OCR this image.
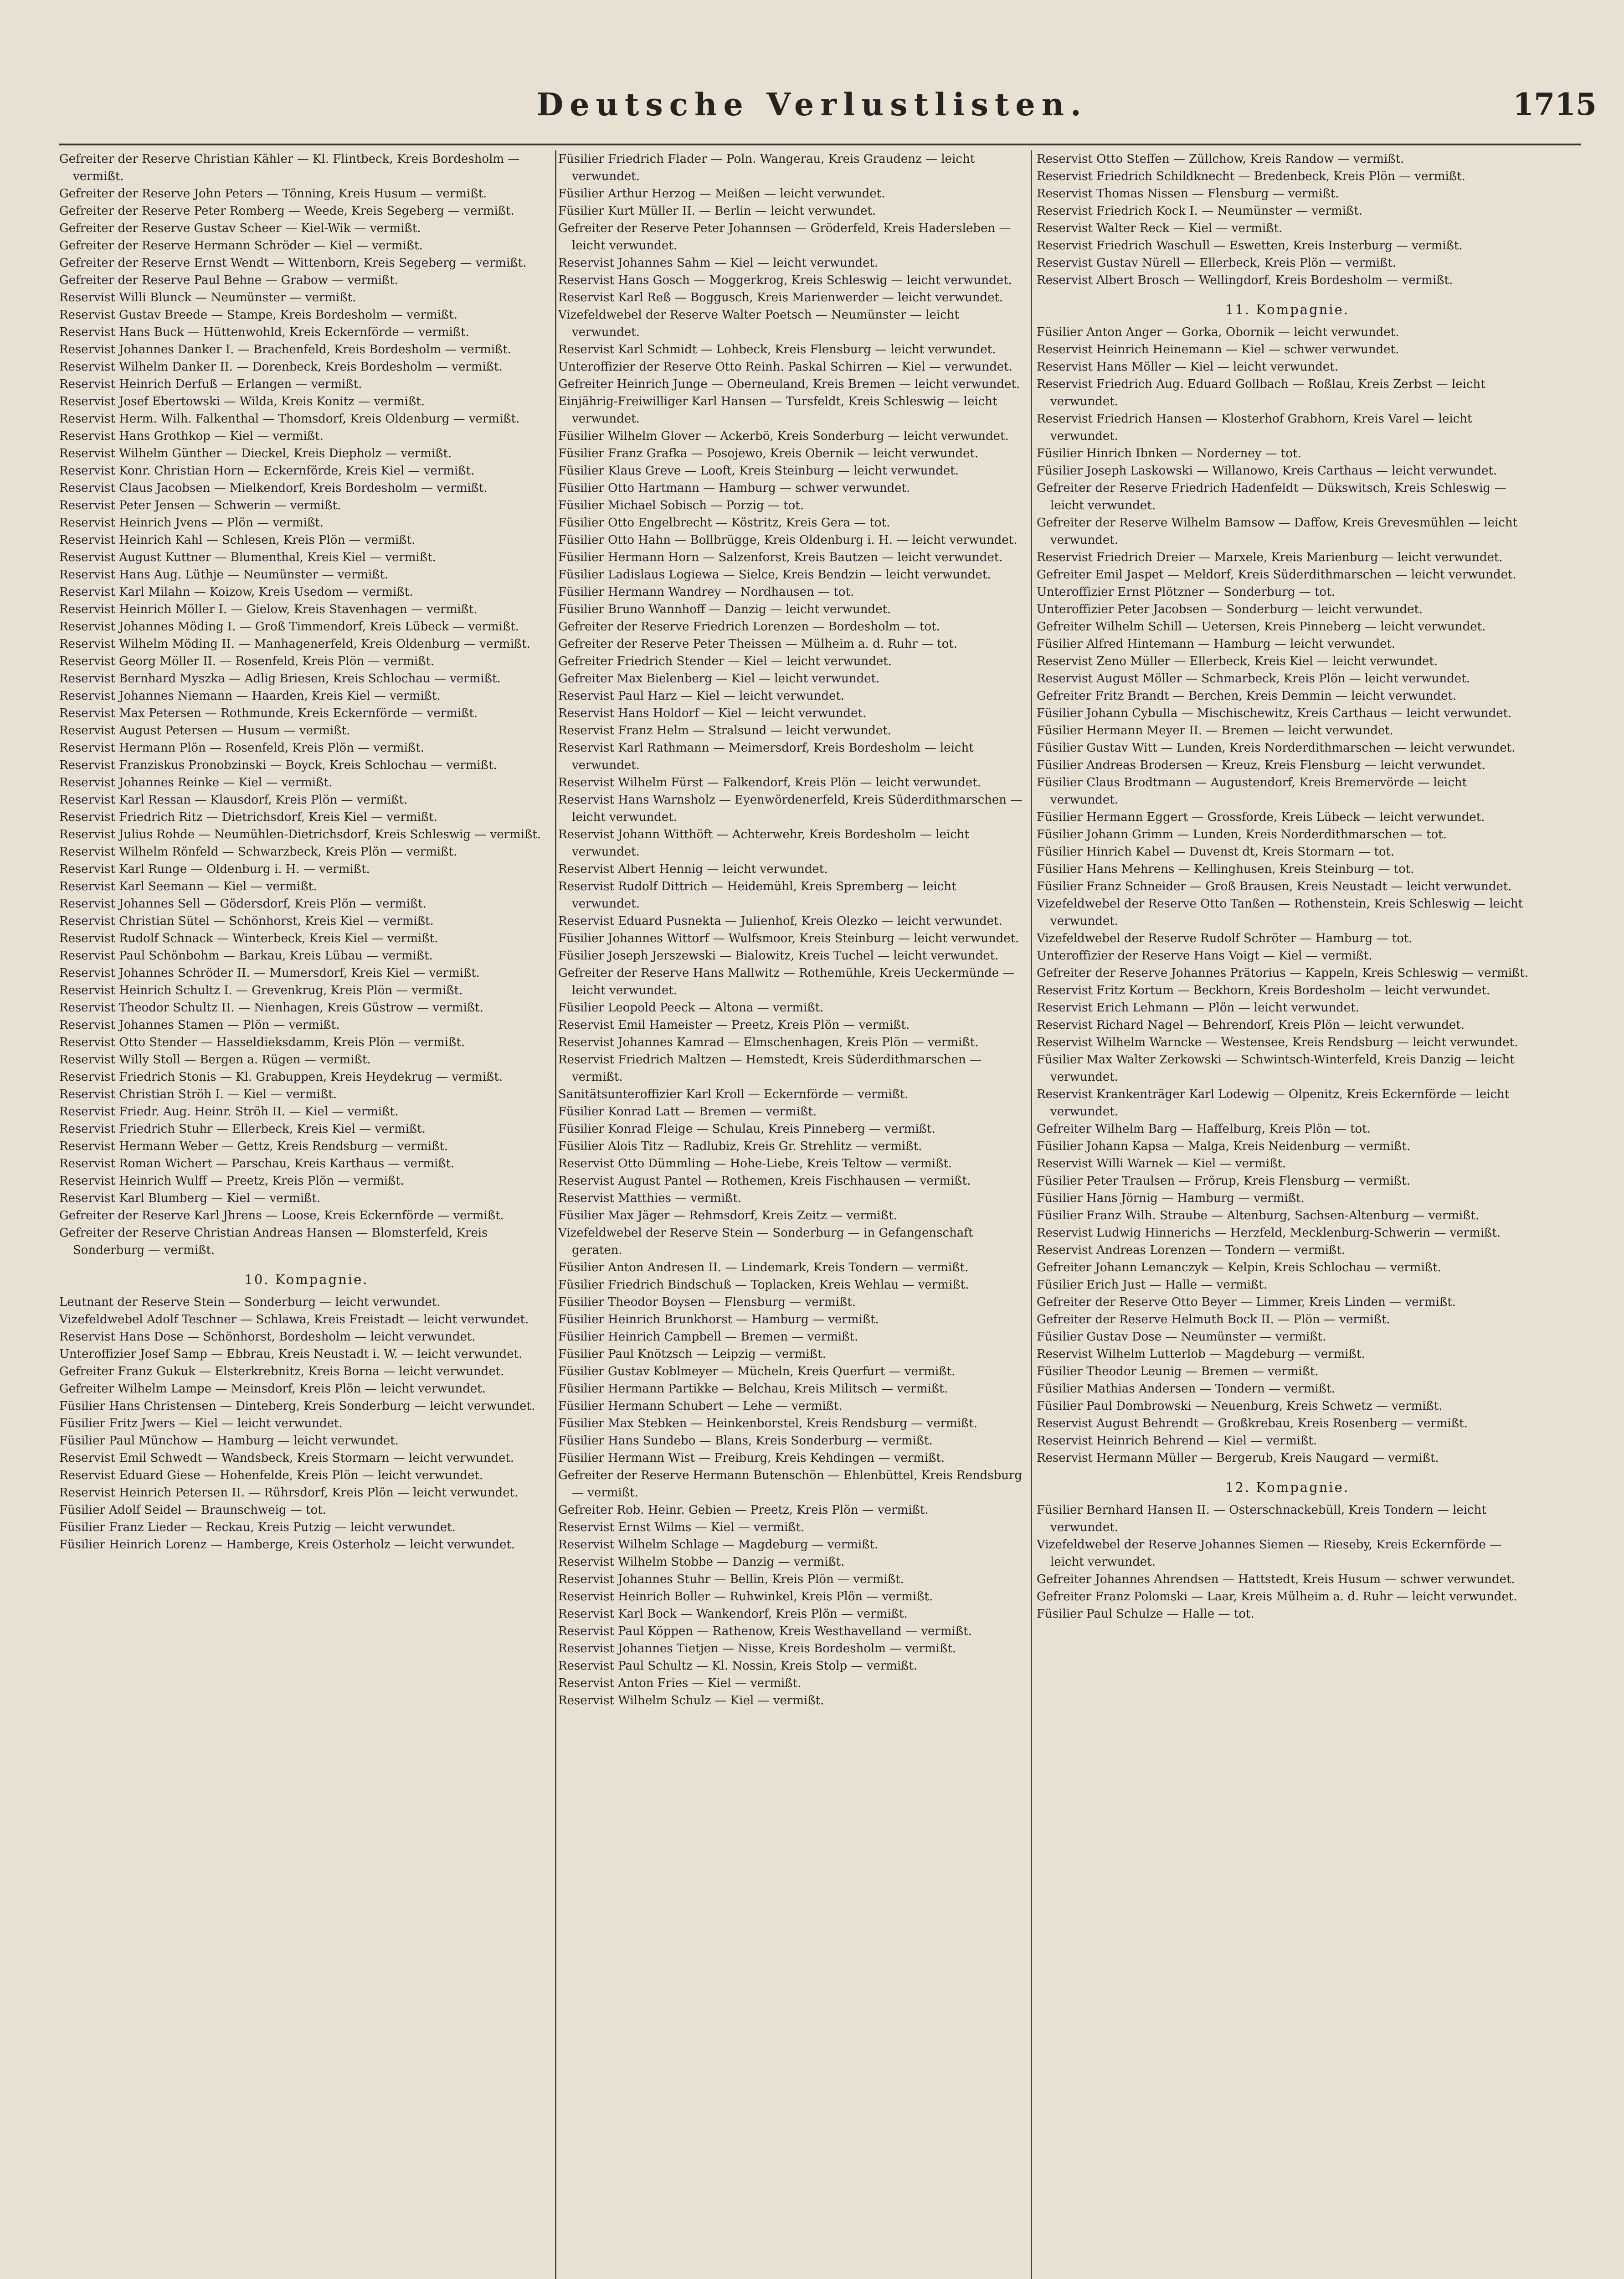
Deutsche Verlustlisten.	1715

Gefreiter der Reserve Christian Kähler — Kl. Flintbeck, Kreis Bordesholm — vermißt.

Gefreiter der Reserve John Peters — Tönning, Kreis Husum — vermißt.

Gefreiter der Reserve Peter Romberg — Weede, Kreis Segeberg — vermißt.

Gefreiter der Reserve Gustav Scheer — Kiel-Wik — vermißt.

Gefreiter der Reserve Hermann Schröder — Kiel — vermißt.

Gefreiter der Reserve Ernst Wendt — Wittenborn, Kreis Segeberg — vermißt.

Gefreiter der Reserve Paul Behne — Grabow — vermißt.

Reservist Willi Blunck — Neumünster — vermißt.

Reservist Gustav Breede — Stampe, Kreis Bordesholm — vermißt.

Reservist Hans Buck — Hüttenwohld, Kreis Eckernförde — vermißt.

Reservist Johannes Danker I. — Brachenfeld, Kreis Bordesholm — vermißt.

Reservist Wilhelm Danker II. — Dorenbeck, Kreis Bordesholm — vermißt.

Reservist Heinrich Derfuß — Erlangen — vermißt.

Reservist Josef Ebertowski — Wilda, Kreis Konitz — vermißt.

Reservist Herm. Wilh. Falkenthal — Thomsdorf, Kreis Oldenburg — vermißt.

Reservist Hans Grothkop — Kiel — vermißt.

Reservist Wilhelm Günther — Dieckel, Kreis Diepholz — vermißt.

Reservist Konr. Christian Horn — Eckernförde, Kreis Kiel — vermißt.

Reservist Claus Jacobsen — Mielkendorf, Kreis Bordesholm — vermißt.

Reservist Peter Jensen — Schwerin — vermißt.

Reservist Heinrich Jvens — Plön — vermißt.

Reservist Heinrich Kahl — Schlesen, Kreis Plön — vermißt.

Reservist August Kuttner — Blumenthal, Kreis Kiel — vermißt.

Reservist Hans Aug. Lüthje — Neumünster — vermißt.

Reservist Karl Milahn — Koizow, Kreis Usedom — vermißt.

Reservist Heinrich Möller I. — Gielow, Kreis Stavenhagen — vermißt.

Reservist Johannes Möding I. — Groß Timmendorf, Kreis Lübeck — vermißt.

Reservist Wilhelm Möding II. — Manhagenerfeld, Kreis Oldenburg — vermißt.

Reservist Georg Möller II. — Rosenfeld, Kreis Plön — vermißt.

Reservist Bernhard Myszka — Adlig Briesen, Kreis Schlochau — vermißt.

Reservist Johannes Niemann — Haarden, Kreis Kiel — vermißt.

Reservist Max Petersen — Rothmunde, Kreis Eckernförde — vermißt.

Reservist August Petersen — Husum — vermißt.

Reservist Hermann Plön — Rosenfeld, Kreis Plön — vermißt.

Reservist Franziskus Pronobzinski — Boyck, Kreis Schlochau — vermißt.

Reservist Johannes Reinke — Kiel — vermißt.

Reservist Karl Ressan — Klausdorf, Kreis Plön — vermißt.

Reservist Friedrich Ritz — Dietrichsdorf, Kreis Kiel — vermißt.

Reservist Julius Rohde — Neumühlen-Dietrichsdorf, Kreis Schleswig — vermißt.

Reservist Wilhelm Rönfeld — Schwarzbeck, Kreis Plön — vermißt.

Reservist Karl Runge — Oldenburg i. H. — vermißt.

Reservist Karl Seemann — Kiel — vermißt.

Reservist Johannes Sell — Gödersdorf, Kreis Plön — vermißt.

Reservist Christian Sütel — Schönhorst, Kreis Kiel — vermißt.

Reservist Rudolf Schnack — Winterbeck, Kreis Kiel — vermißt.

Reservist Paul Schönbohm — Barkau, Kreis Lübau — vermißt.

Reservist Johannes Schröder II. — Mumersdorf, Kreis Kiel — vermißt.

Reservist Heinrich Schultz I. — Grevenkrug, Kreis Plön — vermißt.

Reservist Theodor Schultz II. — Nienhagen, Kreis Güstrow — vermißt.

Reservist Johannes Stamen — Plön — vermißt.

Reservist Otto Stender — Hasseldieksdamm, Kreis Plön — vermißt.

Reservist Willy Stoll — Bergen a. Rügen — vermißt.

Reservist Friedrich Stonis — Kl. Grabuppen, Kreis Heydekrug — vermißt.

Reservist Christian Ströh I. — Kiel — vermißt.

Reservist Friedr. Aug. Heinr. Ströh II. — Kiel — vermißt.

Reservist Friedrich Stuhr — Ellerbeck, Kreis Kiel — vermißt.

Reservist Hermann Weber — Gettz, Kreis Rendsburg — vermißt.

Reservist Roman Wichert — Parschau, Kreis Karthaus — vermißt.

Reservist Heinrich Wulff — Preetz, Kreis Plön — vermißt.

Reservist Karl Blumberg — Kiel — vermißt.

Gefreiter der Reserve Karl Jhrens — Loose, Kreis Eckernförde — vermißt.

Gefreiter der Reserve Christian Andreas Hansen — Blomsterfeld, Kreis Sonderburg — vermißt.

10. Kompagnie.

Leutnant der Reserve Stein — Sonderburg — leicht verwundet.

Vizefeldwebel Adolf Teschner — Schlawa, Kreis Freistadt — leicht verwundet.

Reservist Hans Dose — Schönhorst, Bordesholm — leicht verwundet.

Unteroffizier Josef Samp — Ebbrau, Kreis Neustadt i. W. — leicht verwundet.

Gefreiter Franz Gukuk — Elsterkrebnitz, Kreis Borna — leicht verwundet.

Gefreiter Wilhelm Lampe — Meinsdorf, Kreis Plön — leicht verwundet.

Füsilier Hans Christensen — Dinteberg, Kreis Sonderburg — leicht verwundet.

Füsilier Fritz Jwers — Kiel — leicht verwundet.

Füsilier Paul Münchow — Hamburg — leicht verwundet.

Reservist Emil Schwedt — Wandsbeck, Kreis Stormarn — leicht verwundet.

Reservist Eduard Giese — Hohenfelde, Kreis Plön — leicht verwundet.

Reservist Heinrich Petersen II. — Rührsdorf, Kreis Plön — leicht verwundet.

Füsilier Adolf Seidel — Braunschweig — tot.

Füsilier Franz Lieder — Reckau, Kreis Putzig — leicht verwundet.

Füsilier Heinrich Lorenz — Hamberge, Kreis Osterholz — leicht verwundet.

Füsilier Friedrich Flader — Poln. Wangerau, Kreis Graudenz — leicht verwundet.

Füsilier Arthur Herzog — Meißen — leicht verwundet.

Füsilier Kurt Müller II. — Berlin — leicht verwundet.

Gefreiter der Reserve Peter Johannsen — Gröderfeld, Kreis Hadersleben — leicht verwundet.

Reservist Johannes Sahm — Kiel — leicht verwundet.

Reservist Hans Gosch — Moggerkrog, Kreis Schleswig — leicht verwundet.

Reservist Karl Reß — Boggusch, Kreis Marienwerder — leicht verwundet.

Vizefeldwebel der Reserve Walter Poetsch — Neumünster — leicht verwundet.

Reservist Karl Schmidt — Lohbeck, Kreis Flensburg — leicht verwundet.

Unteroffizier der Reserve Otto Reinh. Paskal Schirren — Kiel — verwundet.

Gefreiter Heinrich Junge — Oberneuland, Kreis Bremen — leicht verwundet.

Einjährig-Freiwilliger Karl Hansen — Tursfeldt, Kreis Schleswig — leicht verwundet.

Füsilier Wilhelm Glover — Ackerbö, Kreis Sonderburg — leicht verwundet.

Füsilier Franz Grafka — Posojewo, Kreis Obernik — leicht verwundet.

Füsilier Klaus Greve — Looft, Kreis Steinburg — leicht verwundet.

Füsilier Otto Hartmann — Hamburg — schwer verwundet.

Füsilier Michael Sobisch — Porzig — tot.

Füsilier Otto Engelbrecht — Köstritz, Kreis Gera — tot.

Füsilier Otto Hahn — Bollbrügge, Kreis Oldenburg i. H. — leicht verwundet.

Füsilier Hermann Horn — Salzenforst, Kreis Bautzen — leicht verwundet.

Füsilier Ladislaus Logiewa — Sielce, Kreis Bendzin — leicht verwundet.

Füsilier Hermann Wandrey — Nordhausen — tot.

Füsilier Bruno Wannhoff — Danzig — leicht verwundet.

Gefreiter der Reserve Friedrich Lorenzen — Bordesholm — tot.

Gefreiter der Reserve Peter Theissen — Mülheim a. d. Ruhr — tot.

Gefreiter Friedrich Stender — Kiel — leicht verwundet.

Gefreiter Max Bielenberg — Kiel — leicht verwundet.

Reservist Paul Harz — Kiel — leicht verwundet.

Reservist Hans Holdorf — Kiel — leicht verwundet.

Reservist Franz Helm — Stralsund — leicht verwundet.

Reservist Karl Rathmann — Meimersdorf, Kreis Bordesholm — leicht verwundet.

Reservist Wilhelm Fürst — Falkendorf, Kreis Plön — leicht verwundet.

Reservist Hans Warnsholz — Eyenwördenerfeld, Kreis Süderdithmarschen — leicht verwundet.

Reservist Johann Witthöft — Achterwehr, Kreis Bordesholm — leicht verwundet.

Reservist Albert Hennig — leicht verwundet.

Reservist Rudolf Dittrich — Heidemühl, Kreis Spremberg — leicht verwundet.

Reservist Eduard Pusnekta — Julienhof, Kreis Olezko — leicht verwundet.

Füsilier Johannes Wittorf — Wulfsmoor, Kreis Steinburg — leicht verwundet.

Füsilier Joseph Jerszewski — Bialowitz, Kreis Tuchel — leicht verwundet.

Gefreiter der Reserve Hans Mallwitz — Rothemühle, Kreis Ueckermünde — leicht verwundet.

Füsilier Leopold Peeck — Altona — vermißt.

Reservist Emil Hameister — Preetz, Kreis Plön — vermißt.

Reservist Johannes Kamrad — Elmschenhagen, Kreis Plön — vermißt.

Reservist Friedrich Maltzen — Hemstedt, Kreis Süderdithmarschen — vermißt.

Sanitätsunteroffizier Karl Kroll — Eckernförde — vermißt.

Füsilier Konrad Latt — Bremen — vermißt.

Füsilier Konrad Fleige — Schulau, Kreis Pinneberg — vermißt.

Füsilier Alois Titz — Radlubiz, Kreis Gr. Strehlitz — vermißt.

Reservist Otto Dümmling — Hohe-Liebe, Kreis Teltow — vermißt.

Reservist August Pantel — Rothemen, Kreis Fischhausen — vermißt.

Reservist Matthies — vermißt.

Füsilier Max Jäger — Rehmsdorf, Kreis Zeitz — vermißt.

Vizefeldwebel der Reserve Stein — Sonderburg — in Gefangenschaft geraten.

Füsilier Anton Andresen II. — Lindemark, Kreis Tondern — vermißt.

Füsilier Friedrich Bindschuß — Toplacken, Kreis Wehlau — vermißt.

Füsilier Theodor Boysen — Flensburg — vermißt.

Füsilier Heinrich Brunkhorst — Hamburg — vermißt.

Füsilier Heinrich Campbell — Bremen — vermißt.

Füsilier Paul Knötzsch — Leipzig — vermißt.

Füsilier Gustav Koblmeyer — Mücheln, Kreis Querfurt — vermißt.

Füsilier Hermann Partikke — Belchau, Kreis Militsch — vermißt.

Füsilier Hermann Schubert — Lehe — vermißt.

Füsilier Max Stebken — Heinkenborstel, Kreis Rendsburg — vermißt.

Füsilier Hans Sundebo — Blans, Kreis Sonderburg — vermißt.

Füsilier Hermann Wist — Freiburg, Kreis Kehdingen — vermißt.

Gefreiter der Reserve Hermann Butenschön — Ehlenbüttel, Kreis Rendsburg — vermißt.

Gefreiter Rob. Heinr. Gebien — Preetz, Kreis Plön — vermißt.

Reservist Ernst Wilms — Kiel — vermißt.

Reservist Wilhelm Schlage — Magdeburg — vermißt.

Reservist Wilhelm Stobbe — Danzig — vermißt.

Reservist Johannes Stuhr — Bellin, Kreis Plön — vermißt.

Reservist Heinrich Boller — Ruhwinkel, Kreis Plön — vermißt.

Reservist Karl Bock — Wankendorf, Kreis Plön — vermißt.

Reservist Paul Köppen — Rathenow, Kreis Westhavelland — vermißt.

Reservist Johannes Tietjen — Nisse, Kreis Bordesholm — vermißt.

Reservist Paul Schultz — Kl. Nossin, Kreis Stolp — vermißt.

Reservist Anton Fries — Kiel — vermißt.

Reservist Wilhelm Schulz — Kiel — vermißt.

Reservist Otto Steffen — Züllchow, Kreis Randow — vermißt.

Reservist Friedrich Schildknecht — Bredenbeck, Kreis Plön — vermißt.

Reservist Thomas Nissen — Flensburg — vermißt.

Reservist Friedrich Kock I. — Neumünster — vermißt.

Reservist Walter Reck — Kiel — vermißt.

Reservist Friedrich Waschull — Eswetten, Kreis Insterburg — vermißt.

Reservist Gustav Nürell — Ellerbeck, Kreis Plön — vermißt.

Reservist Albert Brosch — Wellingdorf, Kreis Bordesholm — vermißt.

11. Kompagnie.

Füsilier Anton Anger — Gorka, Obornik — leicht verwundet.

Reservist Heinrich Heinemann — Kiel — schwer verwundet.

Reservist Hans Möller — Kiel — leicht verwundet.

Reservist Friedrich Aug. Eduard Gollbach — Roßlau, Kreis Zerbst — leicht verwundet.

Reservist Friedrich Hansen — Klosterhof Grabhorn, Kreis Varel — leicht verwundet.

Füsilier Hinrich Ibnken — Norderney — tot.

Füsilier Joseph Laskowski — Willanowo, Kreis Carthaus — leicht verwundet.

Gefreiter der Reserve Friedrich Hadenfeldt — Dükswitsch, Kreis Schleswig — leicht verwundet.

Gefreiter der Reserve Wilhelm Bamsow — Daffow, Kreis Grevesmühlen — leicht verwundet.

Reservist Friedrich Dreier — Marxele, Kreis Marienburg — leicht verwundet.

Gefreiter Emil Jaspet — Meldorf, Kreis Süderdithmarschen — leicht verwundet.

Unteroffizier Ernst Plötzner — Sonderburg — tot.

Unteroffizier Peter Jacobsen — Sonderburg — leicht verwundet.

Gefreiter Wilhelm Schill — Uetersen, Kreis Pinneberg — leicht verwundet.

Füsilier Alfred Hintemann — Hamburg — leicht verwundet.

Reservist Zeno Müller — Ellerbeck, Kreis Kiel — leicht verwundet.

Reservist August Möller — Schmarbeck, Kreis Plön — leicht verwundet.

Gefreiter Fritz Brandt — Berchen, Kreis Demmin — leicht verwundet.

Füsilier Johann Cybulla — Mischischewitz, Kreis Carthaus — leicht verwundet.

Füsilier Hermann Meyer II. — Bremen — leicht verwundet.

Füsilier Gustav Witt — Lunden, Kreis Norderdithmarschen — leicht verwundet.

Füsilier Andreas Brodersen — Kreuz, Kreis Flensburg — leicht verwundet.

Füsilier Claus Brodtmann — Augustendorf, Kreis Bremervörde — leicht verwundet.

Füsilier Hermann Eggert — Grossforde, Kreis Lübeck — leicht verwundet.

Füsilier Johann Grimm — Lunden, Kreis Norderdithmarschen — tot.

Füsilier Hinrich Kabel — Duvenst dt, Kreis Stormarn — tot.

Füsilier Hans Mehrens — Kellinghusen, Kreis Steinburg — tot.

Füsilier Franz Schneider — Groß Brausen, Kreis Neustadt — leicht verwundet.

Vizefeldwebel der Reserve Otto Tanßen — Rothenstein, Kreis Schleswig — leicht verwundet.

Vizefeldwebel der Reserve Rudolf Schröter — Hamburg — tot.

Unteroffizier der Reserve Hans Voigt — Kiel — vermißt.

Gefreiter der Reserve Johannes Prätorius — Kappeln, Kreis Schleswig — vermißt.

Reservist Fritz Kortum — Beckhorn, Kreis Bordesholm — leicht verwundet.

Reservist Erich Lehmann — Plön — leicht verwundet.

Reservist Richard Nagel — Behrendorf, Kreis Plön — leicht verwundet.

Reservist Wilhelm Warncke — Westensee, Kreis Rendsburg — leicht verwundet.

Füsilier Max Walter Zerkowski — Schwintsch-Winterfeld, Kreis Danzig — leicht verwundet.

Reservist Krankenträger Karl Lodewig — Olpenitz, Kreis Eckernförde — leicht verwundet.

Gefreiter Wilhelm Barg — Haffelburg, Kreis Plön — tot.

Füsilier Johann Kapsa — Malga, Kreis Neidenburg — vermißt.

Reservist Willi Warnek — Kiel — vermißt.

Füsilier Peter Traulsen — Frörup, Kreis Flensburg — vermißt.

Füsilier Hans Jörnig — Hamburg — vermißt.

Füsilier Franz Wilh. Straube — Altenburg, Sachsen-Altenburg — vermißt.

Reservist Ludwig Hinnerichs — Herzfeld, Mecklenburg-Schwerin — vermißt.

Reservist Andreas Lorenzen — Tondern — vermißt.

Gefreiter Johann Lemanczyk — Kelpin, Kreis Schlochau — vermißt.

Füsilier Erich Just — Halle — vermißt.

Gefreiter der Reserve Otto Beyer — Limmer, Kreis Linden — vermißt.

Gefreiter der Reserve Helmuth Bock II. — Plön — vermißt.

Füsilier Gustav Dose — Neumünster — vermißt.

Reservist Wilhelm Lutterlob — Magdeburg — vermißt.

Füsilier Theodor Leunig — Bremen — vermißt.

Füsilier Mathias Andersen — Tondern — vermißt.

Füsilier Paul Dombrowski — Neuenburg, Kreis Schwetz — vermißt.

Reservist August Behrendt — Großkrebau, Kreis Rosenberg — vermißt.

Reservist Heinrich Behrend — Kiel — vermißt.

Reservist Hermann Müller — Bergerub, Kreis Naugard — vermißt.

12. Kompagnie.

Füsilier Bernhard Hansen II. — Osterschnackebüll, Kreis Tondern — leicht verwundet.

Vizefeldwebel der Reserve Johannes Siemen — Rieseby, Kreis Eckernförde — leicht verwundet.

Gefreiter Johannes Ahrendsen — Hattstedt, Kreis Husum — schwer verwundet.

Gefreiter Franz Polomski — Laar, Kreis Mülheim a. d. Ruhr — leicht verwundet.

Füsilier Paul Schulze — Halle — tot.
